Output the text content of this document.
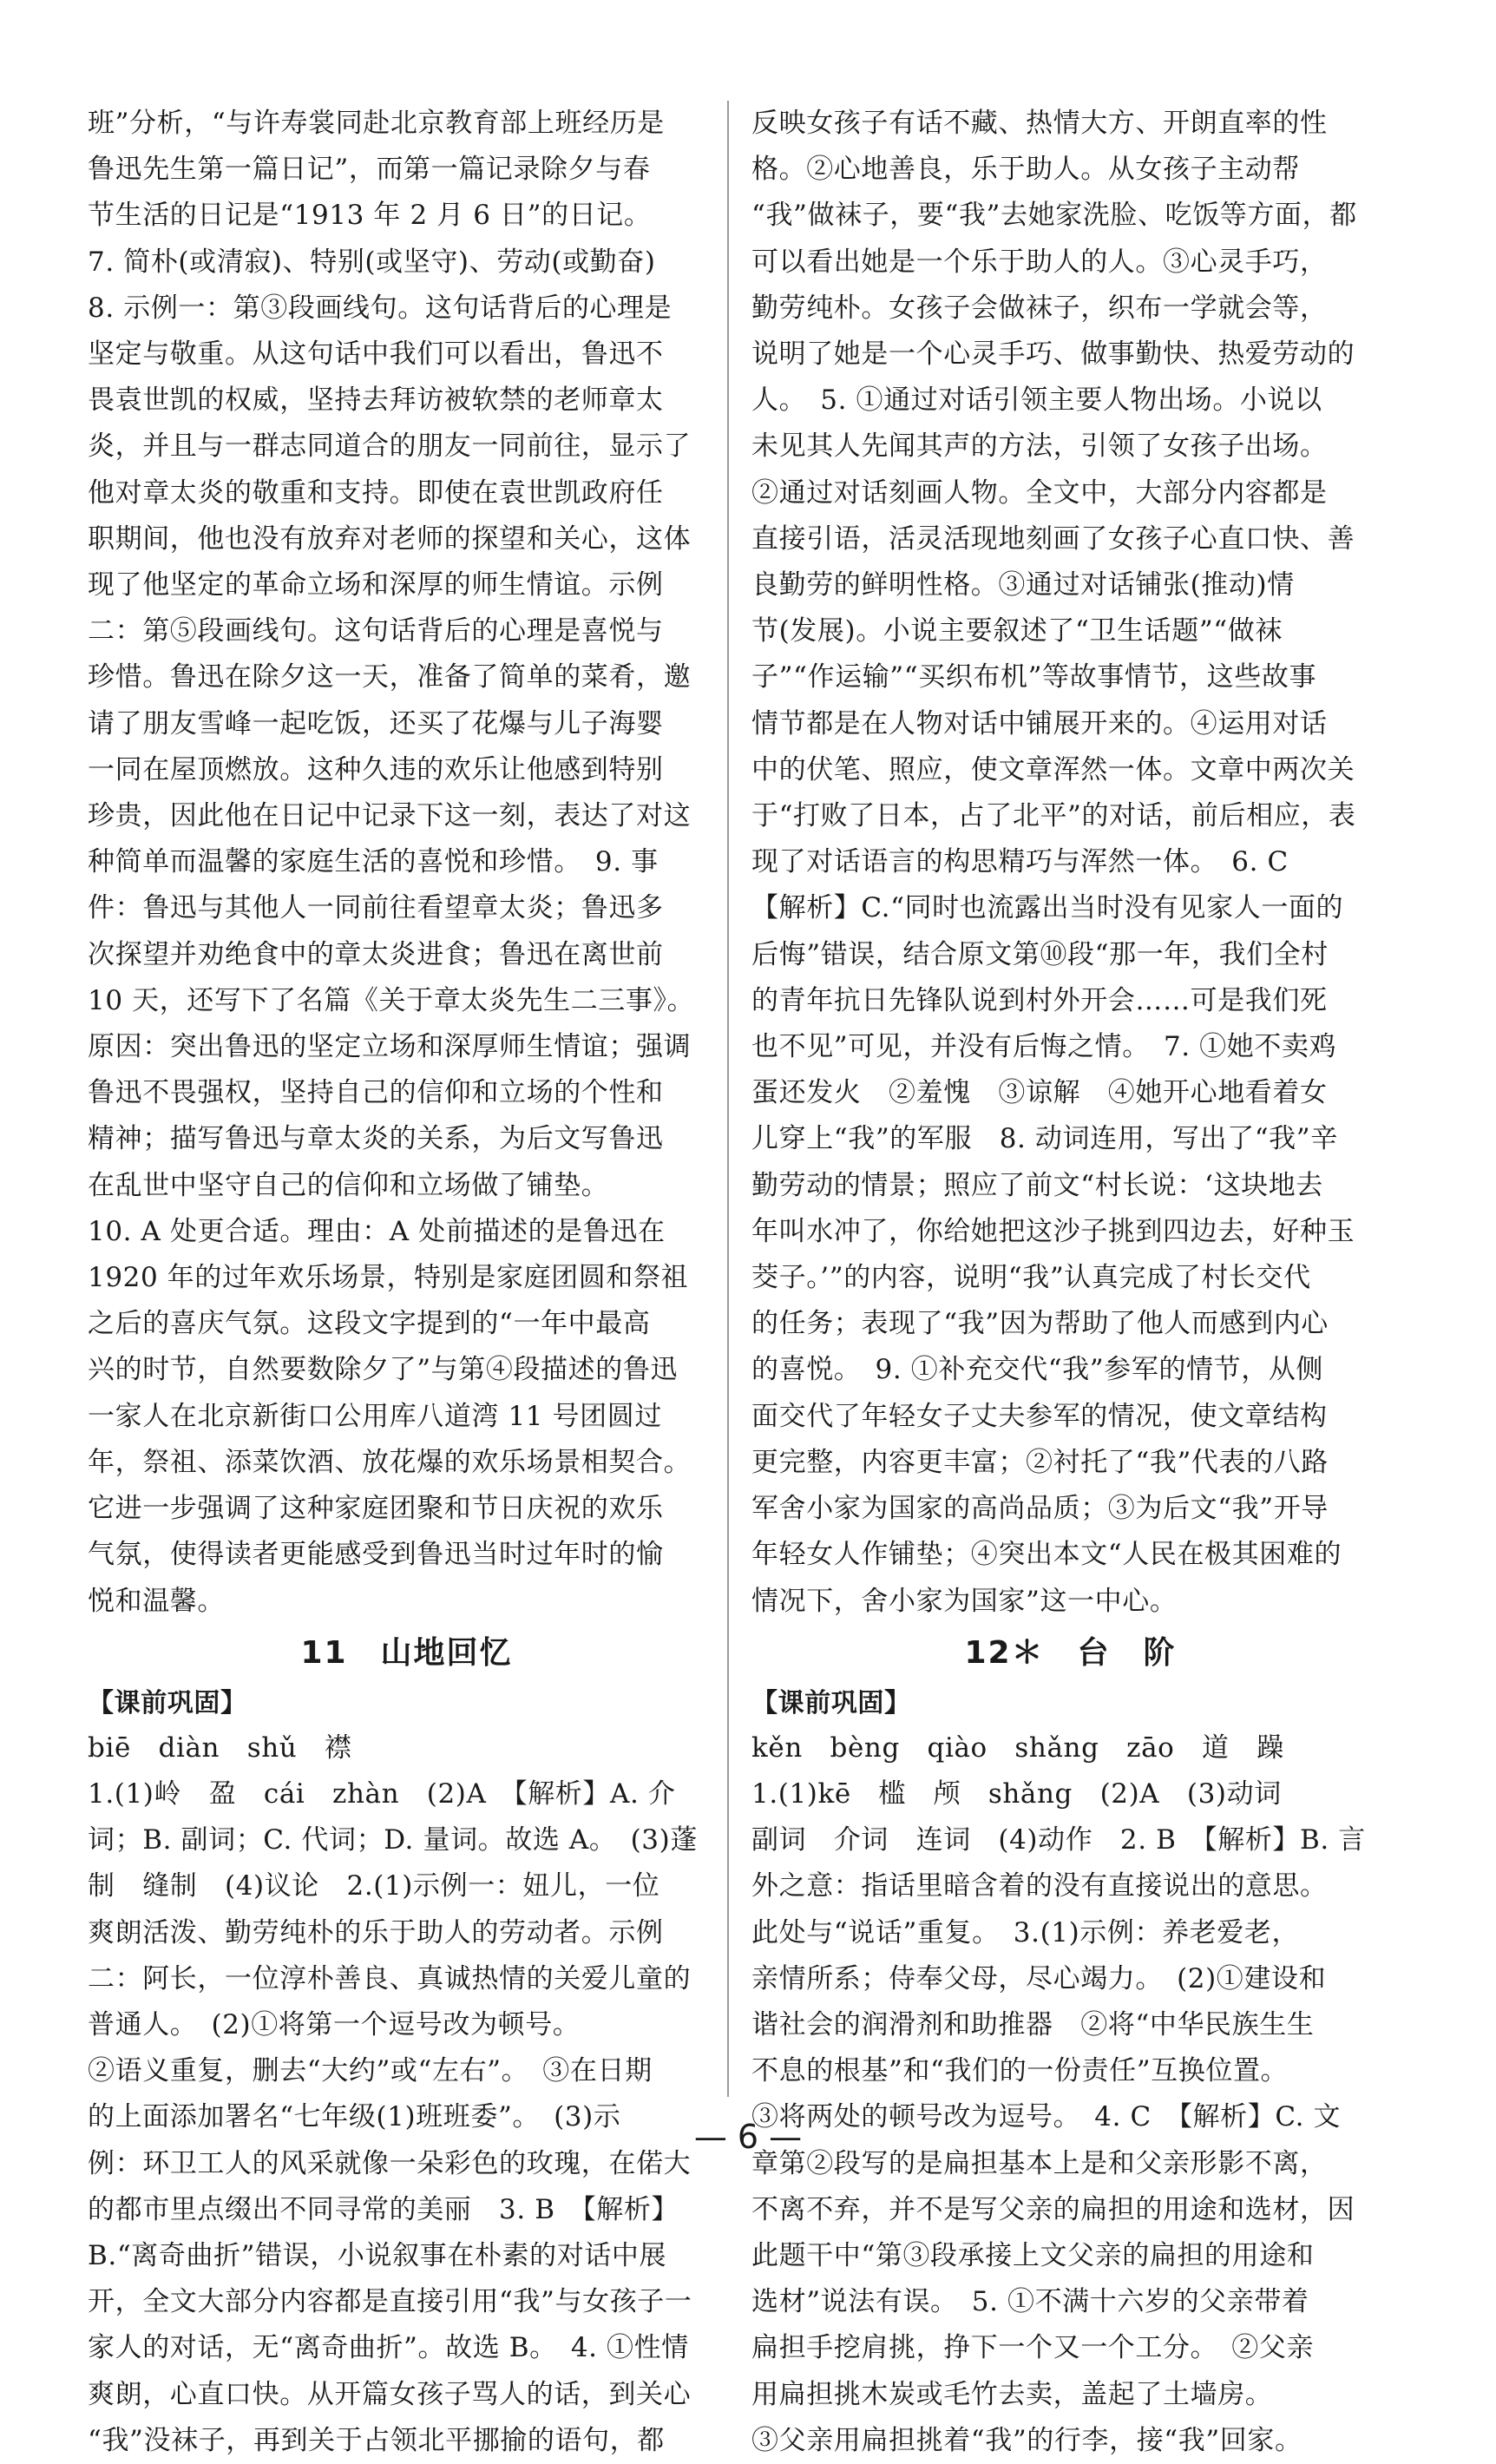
班”分析，“与许寿裳同赴北京教育部上班经历是
鲁迅先生第一篇日记”，而第一篇记录除夕与春
节生活的日记是“1913 年 2 月 6 日”的日记。
7. 简朴(或清寂)、特别(或坚守)、劳动(或勤奋)
8. 示例一：第③段画线句。这句话背后的心理是
坚定与敬重。从这句话中我们可以看出，鲁迅不
畏袁世凯的权威，坚持去拜访被软禁的老师章太
炎，并且与一群志同道合的朋友一同前往，显示了
他对章太炎的敬重和支持。即使在袁世凯政府任
职期间，他也没有放弃对老师的探望和关心，这体
现了他坚定的革命立场和深厚的师生情谊。示例
二：第⑤段画线句。这句话背后的心理是喜悦与
珍惜。鲁迅在除夕这一天，准备了简单的菜肴，邀
请了朋友雪峰一起吃饭，还买了花爆与儿子海婴
一同在屋顶燃放。这种久违的欢乐让他感到特别
珍贵，因此他在日记中记录下这一刻，表达了对这
种简单而温馨的家庭生活的喜悦和珍惜。　9. 事
件：鲁迅与其他人一同前往看望章太炎；鲁迅多
次探望并劝绝食中的章太炎进食；鲁迅在离世前
10 天，还写下了名篇《关于章太炎先生二三事》。
原因：突出鲁迅的坚定立场和深厚师生情谊；强调
鲁迅不畏强权，坚持自己的信仰和立场的个性和
精神；描写鲁迅与章太炎的关系，为后文写鲁迅
在乱世中坚守自己的信仰和立场做了铺垫。
10. A 处更合适。理由：A 处前描述的是鲁迅在
1920 年的过年欢乐场景，特别是家庭团圆和祭祖
之后的喜庆气氛。这段文字提到的“一年中最高
兴的时节，自然要数除夕了”与第④段描述的鲁迅
一家人在北京新街口公用库八道湾 11 号团圆过
年，祭祖、添菜饮酒、放花爆的欢乐场景相契合。
它进一步强调了这种家庭团聚和节日庆祝的欢乐
气氛，使得读者更能感受到鲁迅当时过年时的愉
悦和温馨。
11　山地回忆
【课前巩固】
biē　diàn　shǔ　襟
1.(1)岭　盈　cái　zhàn　(2)A　【解析】A. 介
词；B. 副词；C. 代词；D. 量词。故选 A。　(3)蓬
制　缝制　(4)议论　2.(1)示例一：妞儿，一位
爽朗活泼、勤劳纯朴的乐于助人的劳动者。示例
二：阿长，一位淳朴善良、真诚热情的关爱儿童的
普通人。　(2)①将第一个逗号改为顿号。
②语义重复，删去“大约”或“左右”。　③在日期
的上面添加署名“七年级(1)班班委”。　(3)示
例：环卫工人的风采就像一朵彩色的玫瑰，在偌大
的都市里点缀出不同寻常的美丽　3. B　【解析】
B.“离奇曲折”错误，小说叙事在朴素的对话中展
开，全文大部分内容都是直接引用“我”与女孩子一
家人的对话，无“离奇曲折”。故选 B。　4. ①性情
爽朗，心直口快。从开篇女孩子骂人的话，到关心
“我”没袜子，再到关于占领北平挪揄的语句，都
反映女孩子有话不藏、热情大方、开朗直率的性
格。②心地善良，乐于助人。从女孩子主动帮
“我”做袜子，要“我”去她家洗脸、吃饭等方面，都
可以看出她是一个乐于助人的人。③心灵手巧，
勤劳纯朴。女孩子会做袜子，织布一学就会等，
说明了她是一个心灵手巧、做事勤快、热爱劳动的
人。　5. ①通过对话引领主要人物出场。小说以
未见其人先闻其声的方法，引领了女孩子出场。
②通过对话刻画人物。全文中，大部分内容都是
直接引语，活灵活现地刻画了女孩子心直口快、善
良勤劳的鲜明性格。③通过对话铺张(推动)情
节(发展)。小说主要叙述了“卫生话题”“做袜
子”“作运输”“买织布机”等故事情节，这些故事
情节都是在人物对话中铺展开来的。④运用对话
中的伏笔、照应，使文章浑然一体。文章中两次关
于“打败了日本，占了北平”的对话，前后相应，表
现了对话语言的构思精巧与浑然一体。　6. C
【解析】C.“同时也流露出当时没有见家人一面的
后悔”错误，结合原文第⑩段“那一年，我们全村
的青年抗日先锋队说到村外开会……可是我们死
也不见”可见，并没有后悔之情。　7. ①她不卖鸡
蛋还发火　②羞愧　③谅解　④她开心地看着女
儿穿上“我”的军服　8. 动词连用，写出了“我”辛
勤劳动的情景；照应了前文“村长说：‘这块地去
年叫水冲了，你给她把这沙子挑到四边去，好种玉
茭子。’”的内容，说明“我”认真完成了村长交代
的任务；表现了“我”因为帮助了他人而感到内心
的喜悦。　9. ①补充交代“我”参军的情节，从侧
面交代了年轻女子丈夫参军的情况，使文章结构
更完整，内容更丰富；②衬托了“我”代表的八路
军舍小家为国家的高尚品质；③为后文“我”开导
年轻女人作铺垫；④突出本文“人民在极其困难的
情况下，舍小家为国家”这一中心。
12＊　台　阶
【课前巩固】
kěn　bèng　qiào　shǎng　zāo　道　躁
1.(1)kē　槛　颅　shǎng　(2)A　(3)动词
副词　介词　连词　(4)动作　2. B　【解析】B. 言
外之意：指话里暗含着的没有直接说出的意思。
此处与“说话”重复。　3.(1)示例：养老爱老，
亲情所系；侍奉父母，尽心竭力。　(2)①建设和
谐社会的润滑剂和助推器　②将“中华民族生生
不息的根基”和“我们的一份责任”互换位置。
③将两处的顿号改为逗号。　4. C　【解析】C. 文
章第②段写的是扁担基本上是和父亲形影不离，
不离不弃，并不是写父亲的扁担的用途和选材，因
此题干中“第③段承接上文父亲的扁担的用途和
选材”说法有误。　5. ①不满十六岁的父亲带着
扁担手挖肩挑，挣下一个又一个工分。　②父亲
用扁担挑木炭或毛竹去卖，盖起了土墙房。
③父亲用扁担挑着“我”的行李，接“我”回家。
— 6 —
